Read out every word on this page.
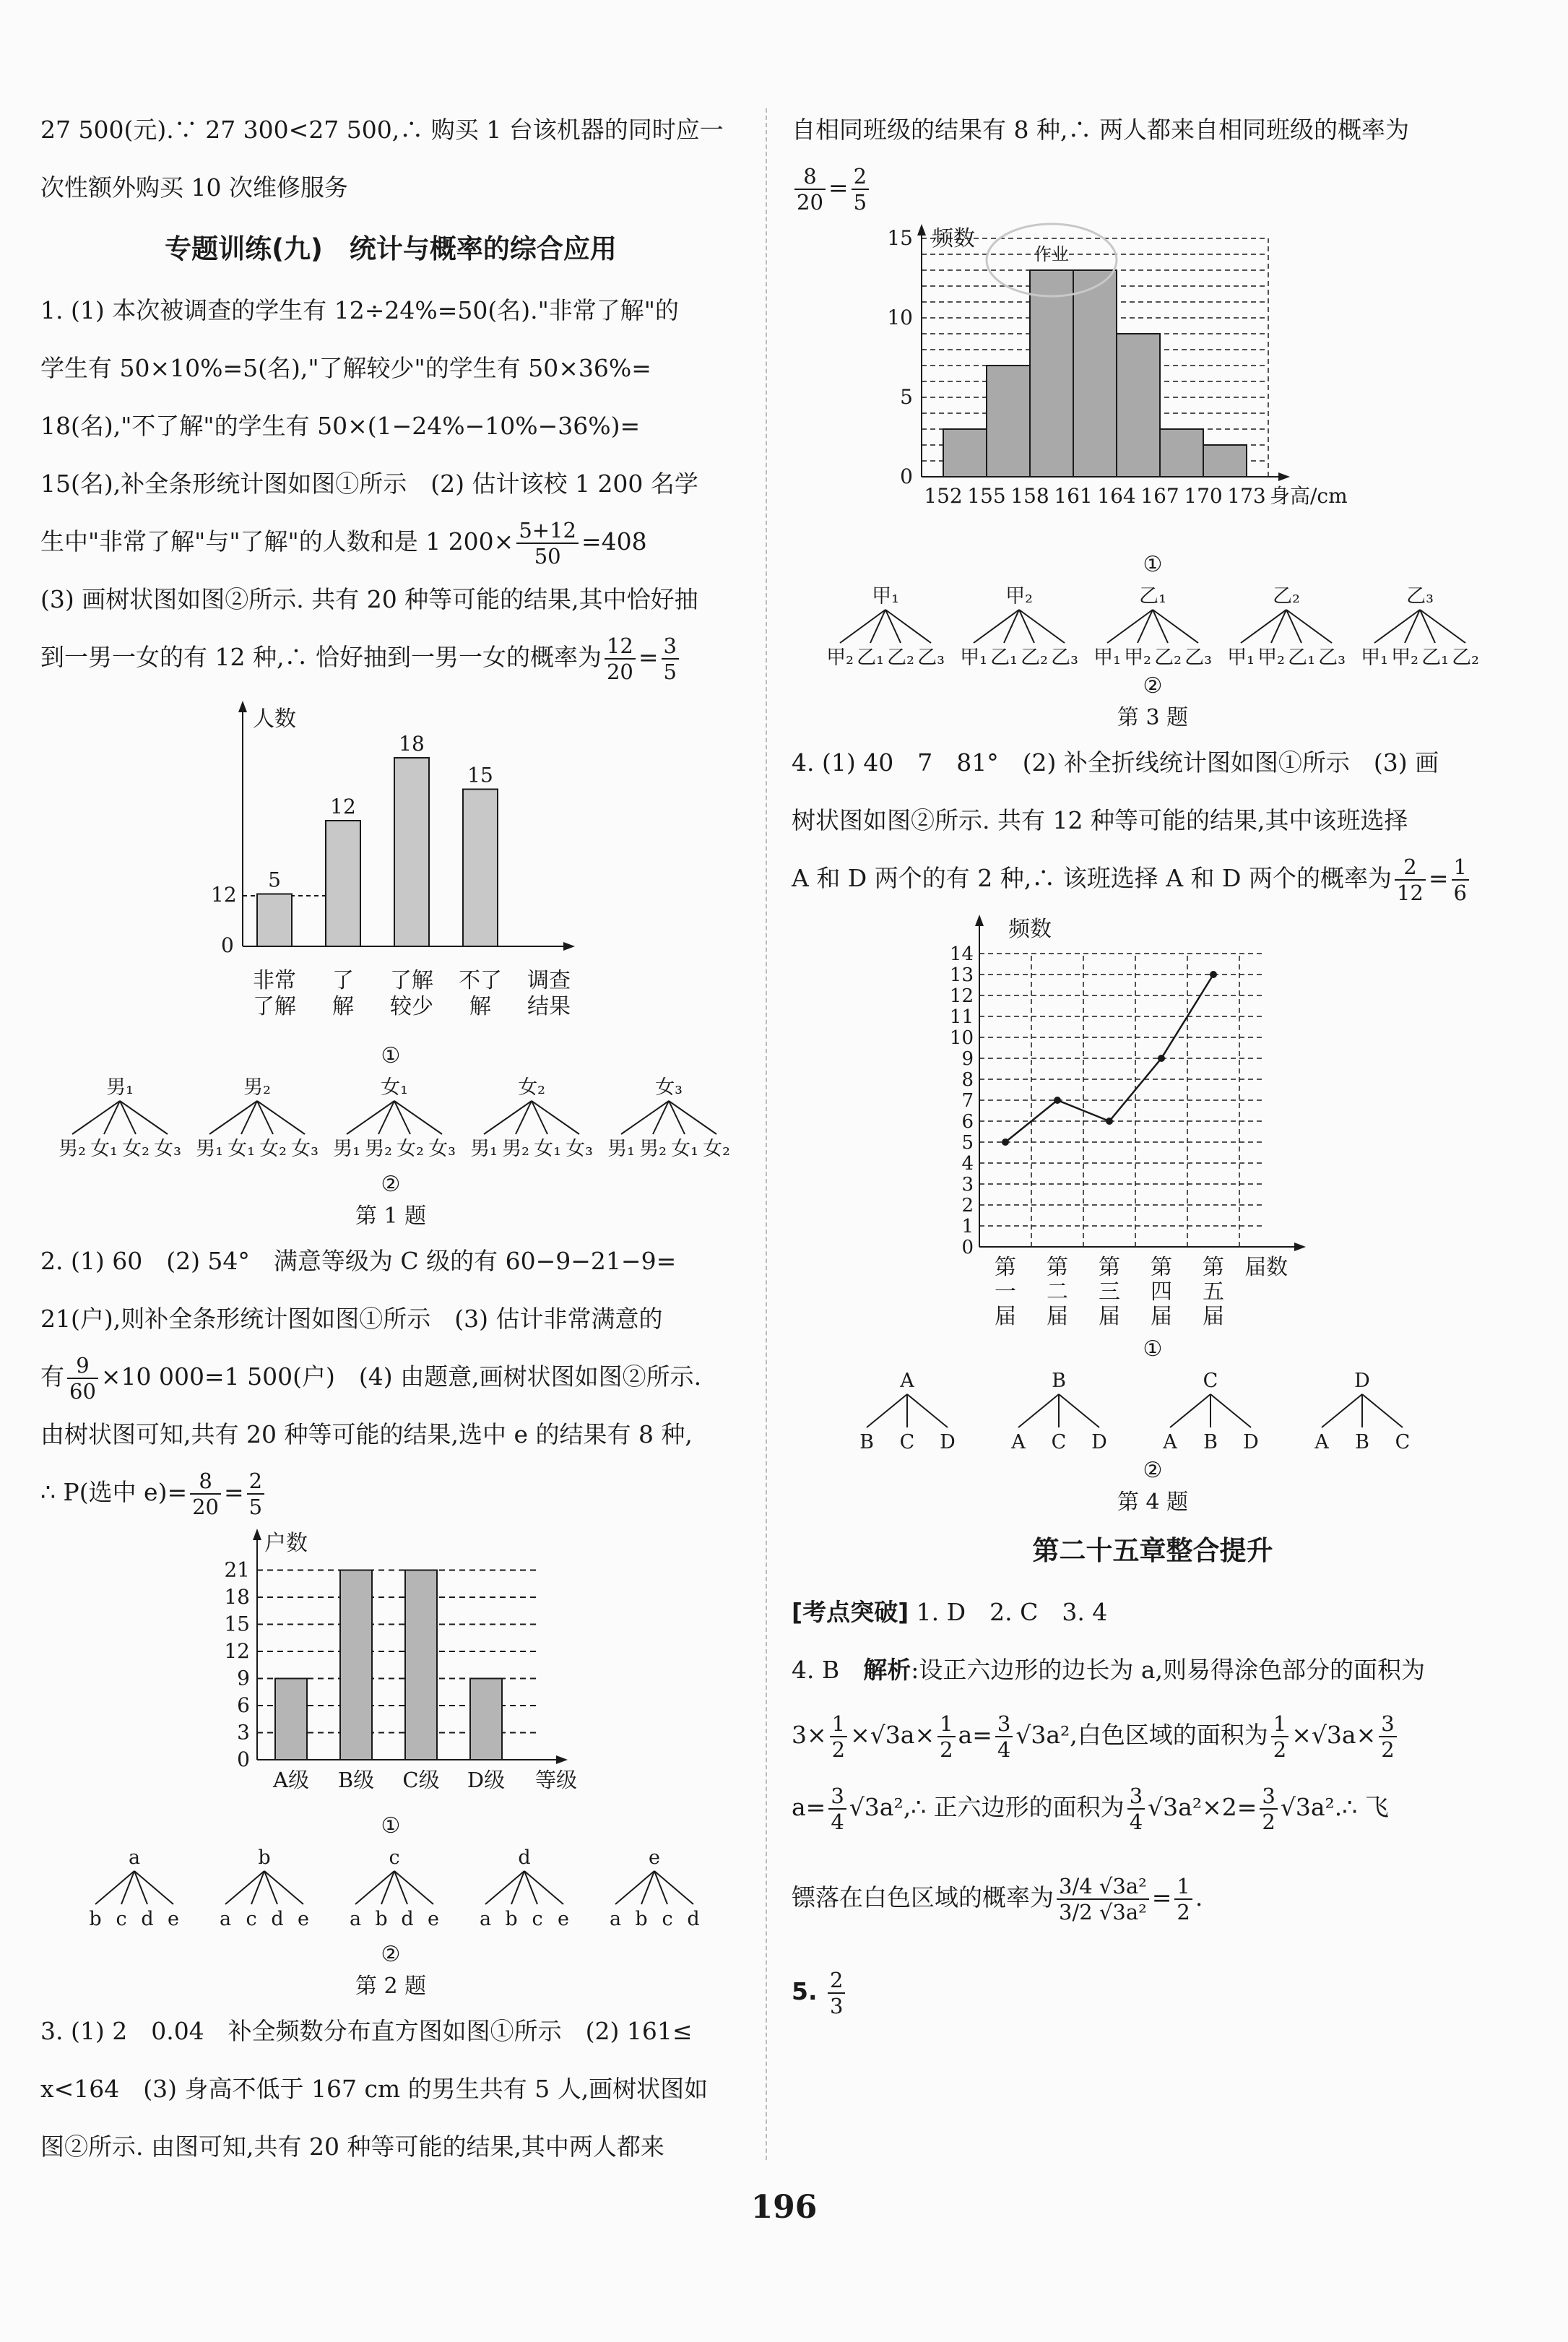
27 500(元).∵ 27 300<27 500,∴ 购买 1 台该机器的同时应一

次性额外购买 10 次维修服务

专题训练(九)　统计与概率的综合应用

1. (1) 本次被调查的学生有 12÷24%=50(名)."非常了解"的

学生有 50×10%=5(名),"了解较少"的学生有 50×36%=

18(名),"不了解"的学生有 50×(1−24%−10%−36%)=

15(名),补全条形统计图如图①所示　(2) 估计该校 1 200 名学

生中"非常了解"与"了解"的人数和是 1 $200\times \frac{5+12}{50} =408$

(3) 画树状图如图②所示. 共有 20 种等可能的结果,其中恰好抽

到一男一女的有 12 种,∴ 恰好抽到一男一女的概率为 $\frac{12}{20} = \frac{3}{5}$

人数
0
12
5
12
18
15
非常
了解
了
解
了解
较少
不了
解
调查
结果
①
男₁
男₂ 女₁ 女₂ 女₃
男₂
男₁ 女₁ 女₂ 女₃
女₁
男₁ 男₂ 女₂ 女₃
女₂
男₁ 男₂ 女₁ 女₃
女₃
男₁ 男₂ 女₁ 女₂
②
第 1 题

2. (1) 60　(2) 54°　满意等级为 C 级的有 60−9−21−9=

21(户),则补全条形统计图如图①所示　(3) 估计非常满意的

有 $\frac{9}{60} \times 10$ 000=1 500(户)　(4) 由题意,画树状图如图②所示.

由树状图可知,共有 20 种等可能的结果,选中 e 的结果有 8 种,

∴ P(选中 $e)= \frac{8}{20} = \frac{2}{5}$

0
3
6
9
12
15
18
21
户数
A级 B级 C级 D级 等级
①
a
b c d e
b
a c d e
c
a b d e
d
a b c e
e
a b c d
②
第 2 题

3. (1) 2　0.04　补全频数分布直方图如图①所示　(2) 161≤

x<164　(3) 身高不低于 167 cm 的男生共有 5 人,画树状图如

图②所示. 由图可知,共有 20 种等可能的结果,其中两人都来

自相同班级的结果有 8 种,∴ 两人都来自相同班级的概率为

$\frac{8}{20} = \frac{2}{5}$

0
5
10
15 频数
152 155 158 161 164 167 170 173 身高/cm
作业
①
甲₁
甲₂ 乙₁ 乙₂ 乙₃
甲₂
甲₁ 乙₁ 乙₂ 乙₃
乙₁
甲₁ 甲₂ 乙₂ 乙₃
乙₂
甲₁ 甲₂ 乙₁ 乙₃
乙₃
甲₁ 甲₂ 乙₁ 乙₂
②
第 3 题

4. (1) 40　7　81°　(2) 补全折线统计图如图①所示　(3) 画

树状图如图②所示. 共有 12 种等可能的结果,其中该班选择

A 和 D 两个的有 2 种,∴ 该班选择 A 和 D 两个的概率为 $\frac{2}{12} = \frac{1}{6}$

0
1
2
3
4
5
6
7
8
9
10
11
12
13
14
频数
第
一
届
第
二
届
第
三
届
第
四
届
第
五
届
届数
①
A
B C D
B
A C D
C
A B D
D
A B C
②
第 4 题

第二十五章整合提升

[考点突破] 1. D　2. C　3. 4

4. B　解析:设正六边形的边长为 a,则易得涂色部分的面积为

$3\times \frac{1}{2} \times√3a\times \frac{1}{2} a= \frac{3}{4} √3a^2$,白色区域的面积为 $\frac{1}{2} \times√3a\times \frac{3}{2}$

$a= \frac{3}{4}$ √3a²,∴ 正六边形的面积为 $\frac{3}{4} √3a^2\times 2= \frac{3}{2}$ √3a².∴ 飞

镖落在白色区域的概率为 $\frac{\text{3/4 √3a²}}{\text{3/2 √3a²}} = \frac{1}{2}$ .

5. $\frac{2}{3}$

196
